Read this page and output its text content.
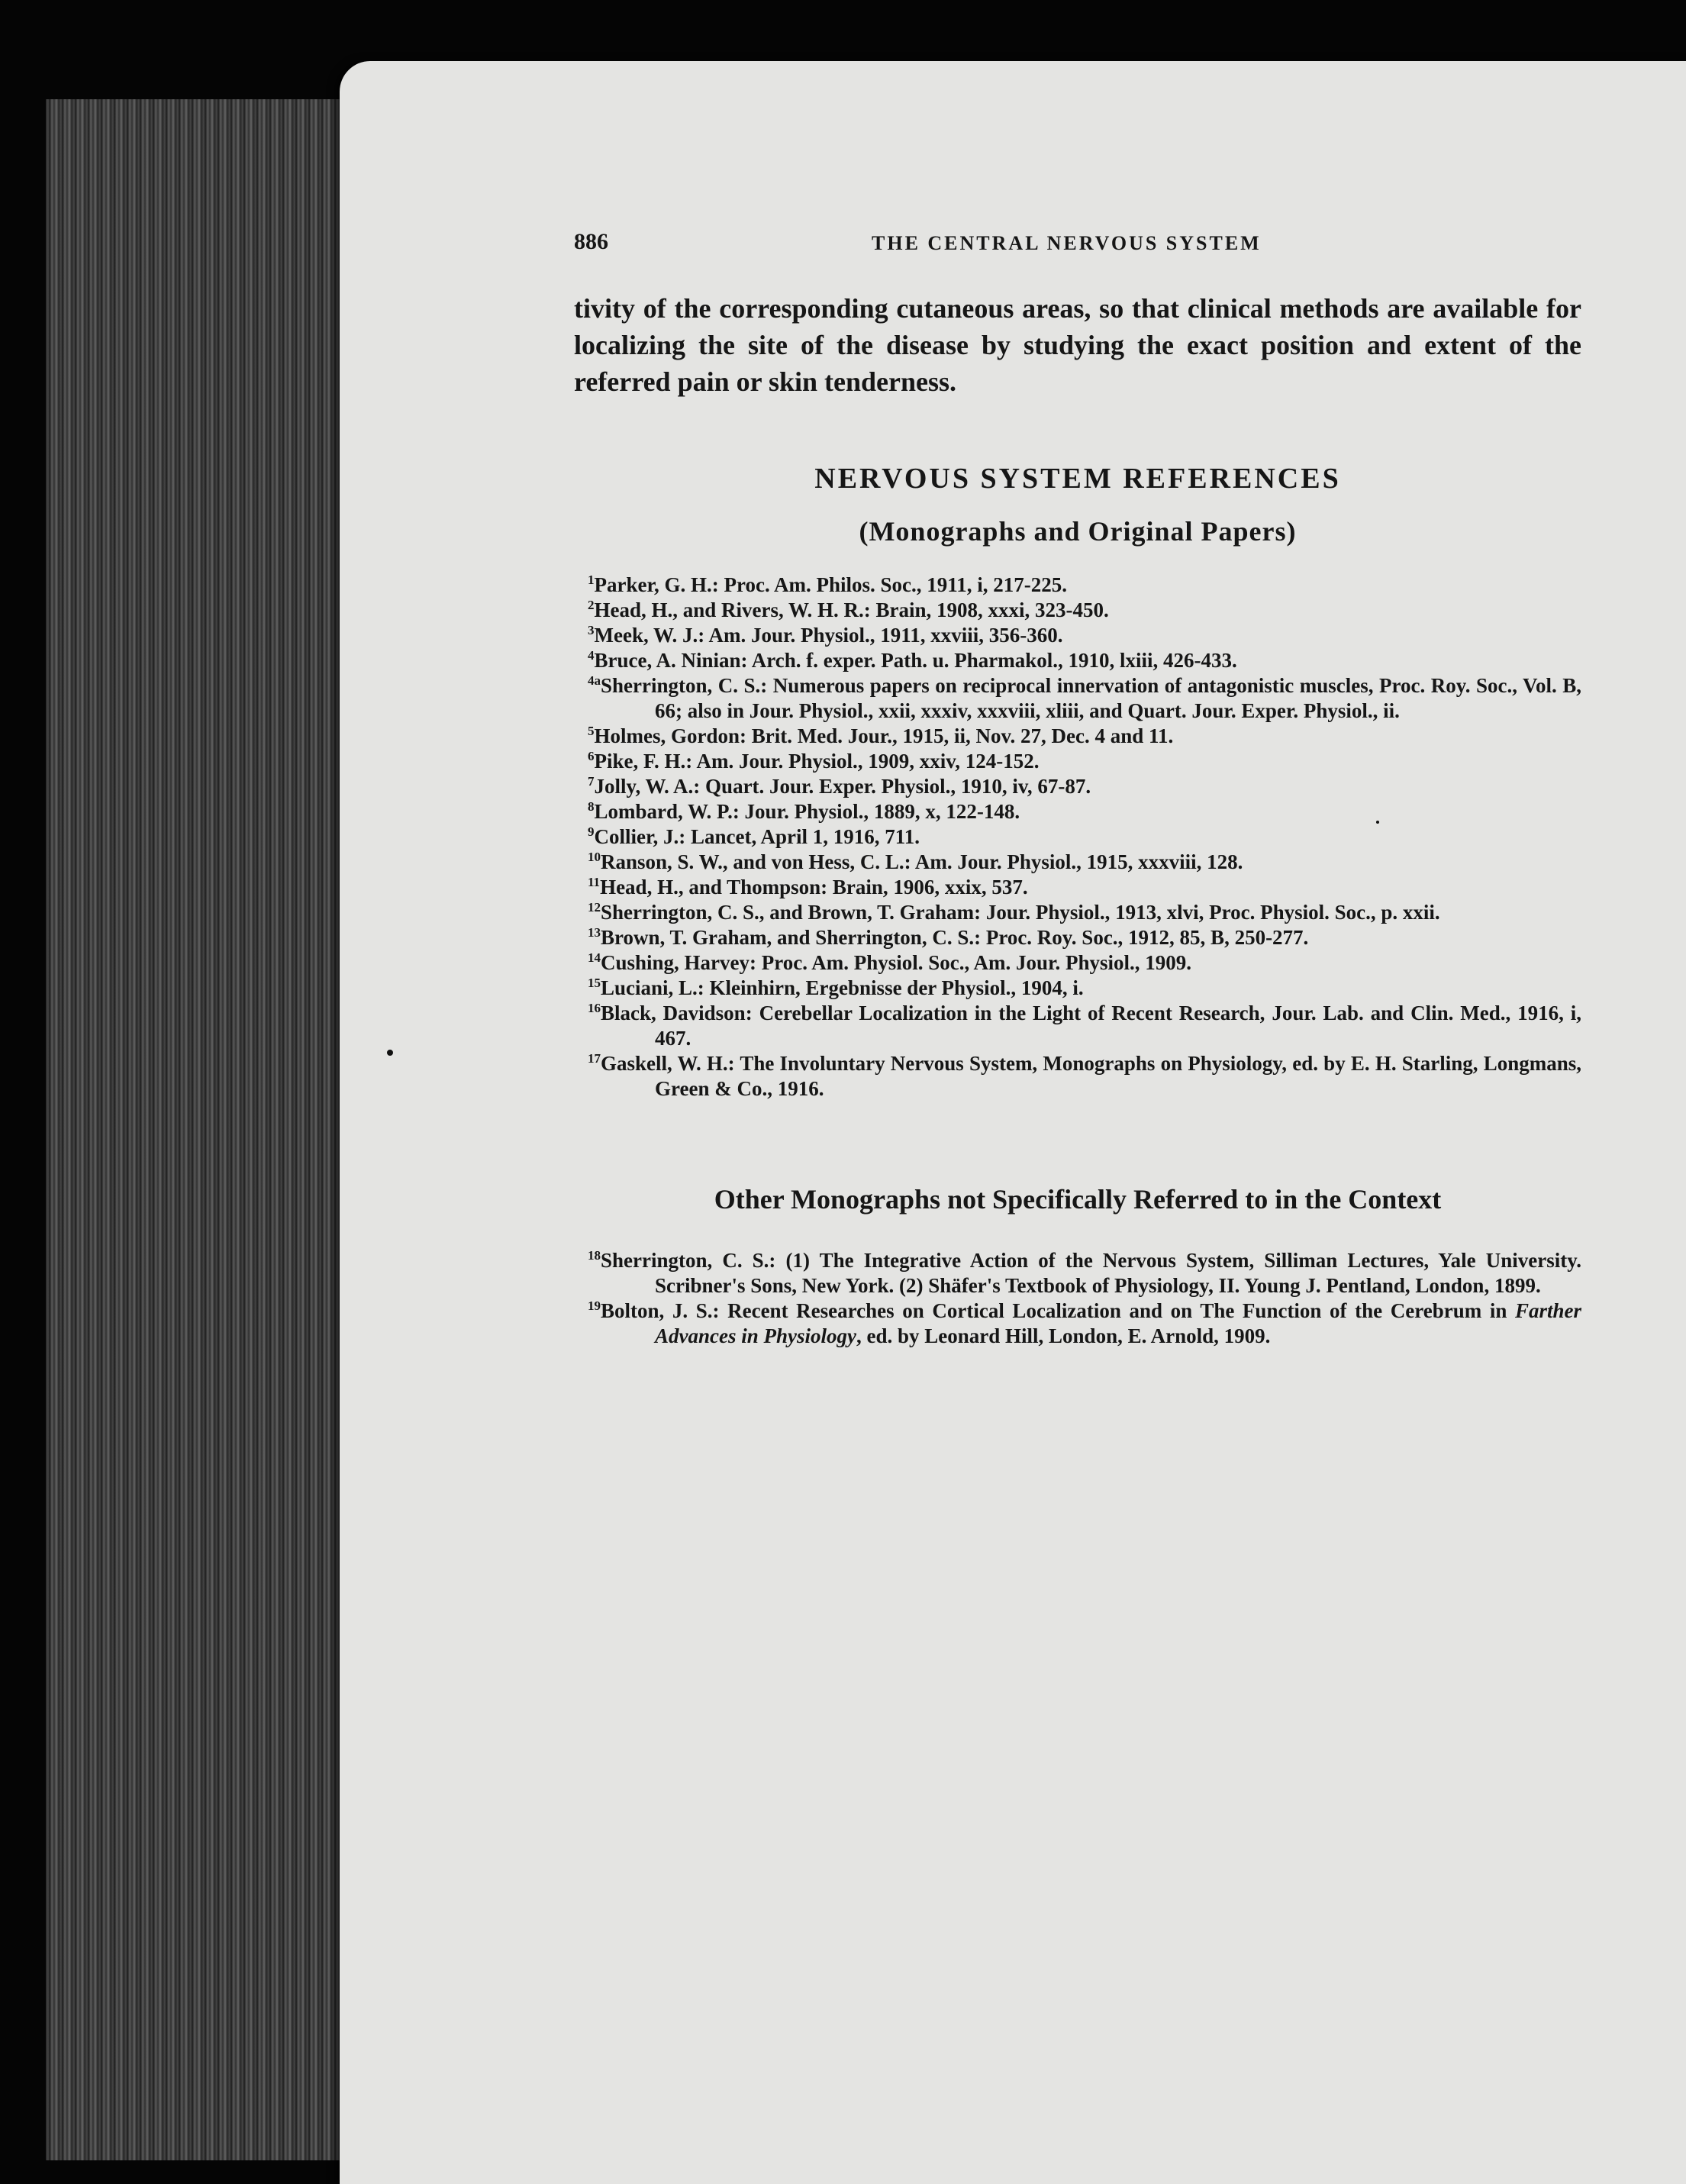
886	THE CENTRAL NERVOUS SYSTEM
tivity of the corresponding cutaneous areas, so that clinical methods are available for localizing the site of the disease by studying the exact position and extent of the referred pain or skin tenderness.
NERVOUS SYSTEM REFERENCES
(Monographs and Original Papers)
$^1$Parker, G. H.: Proc. Am. Philos. Soc., 1911, i, 217-225.
$^2$Head, H., and Rivers, W. H. R.: Brain, 1908, xxxi, 323-450.
$^3$Meek, W. J.: Am. Jour. Physiol., 1911, xxviii, 356-360.
$^4$Bruce, A. Ninian: Arch. f. exper. Path. u. Pharmakol., 1910, lxiii, 426-433.
$^{4a}$Sherrington, C. S.: Numerous papers on reciprocal innervation of antagonistic muscles, Proc. Roy. Soc., Vol. B, 66; also in Jour. Physiol., xxii, xxxiv, xxxviii, xliii, and Quart. Jour. Exper. Physiol., ii.
$^5$Holmes, Gordon: Brit. Med. Jour., 1915, ii, Nov. 27, Dec. 4 and 11.
$^6$Pike, F. H.: Am. Jour. Physiol., 1909, xxiv, 124-152.
$^7$Jolly, W. A.: Quart. Jour. Exper. Physiol., 1910, iv, 67-87.
$^8$Lombard, W. P.: Jour. Physiol., 1889, x, 122-148.
$^9$Collier, J.: Lancet, April 1, 1916, 711.
$^{10}$Ranson, S. W., and von Hess, C. L.: Am. Jour. Physiol., 1915, xxxviii, 128.
$^{11}$Head, H., and Thompson: Brain, 1906, xxix, 537.
$^{12}$Sherrington, C. S., and Brown, T. Graham: Jour. Physiol., 1913, xlvi, Proc. Physiol. Soc., p. xxii.
$^{13}$Brown, T. Graham, and Sherrington, C. S.: Proc. Roy. Soc., 1912, 85, B, 250-277.
$^{14}$Cushing, Harvey: Proc. Am. Physiol. Soc., Am. Jour. Physiol., 1909.
$^{15}$Luciani, L.: Kleinhirn, Ergebnisse der Physiol., 1904, i.
$^{16}$Black, Davidson: Cerebellar Localization in the Light of Recent Research, Jour. Lab. and Clin. Med., 1916, i, 467.
$^{17}$Gaskell, W. H.: The Involuntary Nervous System, Monographs on Physiology, ed. by E. H. Starling, Longmans, Green & Co., 1916.
Other Monographs not Specifically Referred to in the Context
$^{18}$Sherrington, C. S.: (1) The Integrative Action of the Nervous System, Silliman Lectures, Yale University. Scribner's Sons, New York. (2) Shäfer's Textbook of Physiology, II. Young J. Pentland, London, 1899.
$^{19}$Bolton, J. S.: Recent Researches on Cortical Localization and on The Function of the Cerebrum in Farther Advances in Physiology, ed. by Leonard Hill, London, E. Arnold, 1909.
